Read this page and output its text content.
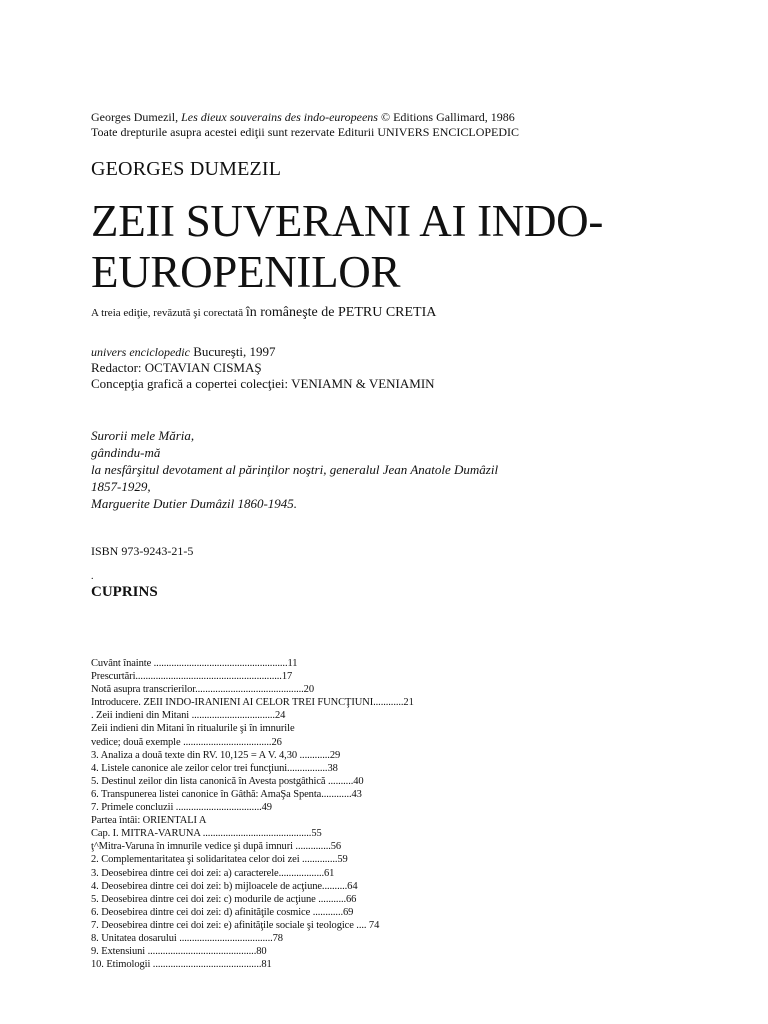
Georges Dumezil, Les dieux souverains des indo-europeens © Editions Gallimard, 1986
Toate drepturile asupra acestei ediţii sunt rezervate Editurii UNIVERS ENCICLOPEDIC
GEORGES DUMEZIL
ZEII SUVERANI AI INDO-
EUROPENILOR
A treia ediţie, revăzută şi corectată în româneşte de PETRU CRETIA
univers enciclopedic Bucureşti, 1997
Redactor: OCTAVIAN CISMAŞ
Concepţia grafică a copertei colecţiei: VENIAMN & VENIAMIN
Surorii mele Măria,
gândindu-mă
la nesfârşitul devotament al părinţilor noştri, generalul Jean Anatole Dumâzil
1857-1929,
Marguerite Dutier Dumâzil 1860-1945.
ISBN 973-9243-21-5
.
CUPRINS
Cuvânt înainte .....................................................11
Prescurtări..........................................................17
Notă asupra transcrierilor...........................................20
Introducere. ZEII INDO-IRANIENI AI CELOR TREI FUNCŢIUNI............21
. Zeii indieni din Mitani .................................24
Zeii indieni din Mitani în ritualurile şi în imnurile
vedice; două exemple ...................................26
3. Analiza a două texte din RV. 10,125 = A V. 4,30 ............29
4. Listele canonice ale zeilor celor trei funcţiuni................38
5. Destinul zeilor din lista canonică în Avesta postgâthică ..........40
6. Transpunerea listei canonice în Gâthă: AmaŞa Spenta............43
7. Primele concluzii ..................................49
Partea întâi: ORIENTALI A
Cap. I. MITRA-VARUNA ...........................................55
ţ^Mitra-Varuna în imnurile vedice şi după imnuri ..............56
2. Complementaritatea şi solidaritatea celor doi zei ..............59
3. Deosebirea dintre cei doi zei: a) caracterele..................61
4. Deosebirea dintre cei doi zei: b) mijloacele de acţiune..........64
5. Deosebirea dintre cei doi zei: c) modurile de acţiune ...........66
6. Deosebirea dintre cei doi zei: d) afinităţile cosmice ............69
7. Deosebirea dintre cei doi zei: e) afinităţile sociale şi teologice .... 74
8. Unitatea dosarului .....................................78
9. Extensiuni ...........................................80
10. Etimologii ...........................................81
